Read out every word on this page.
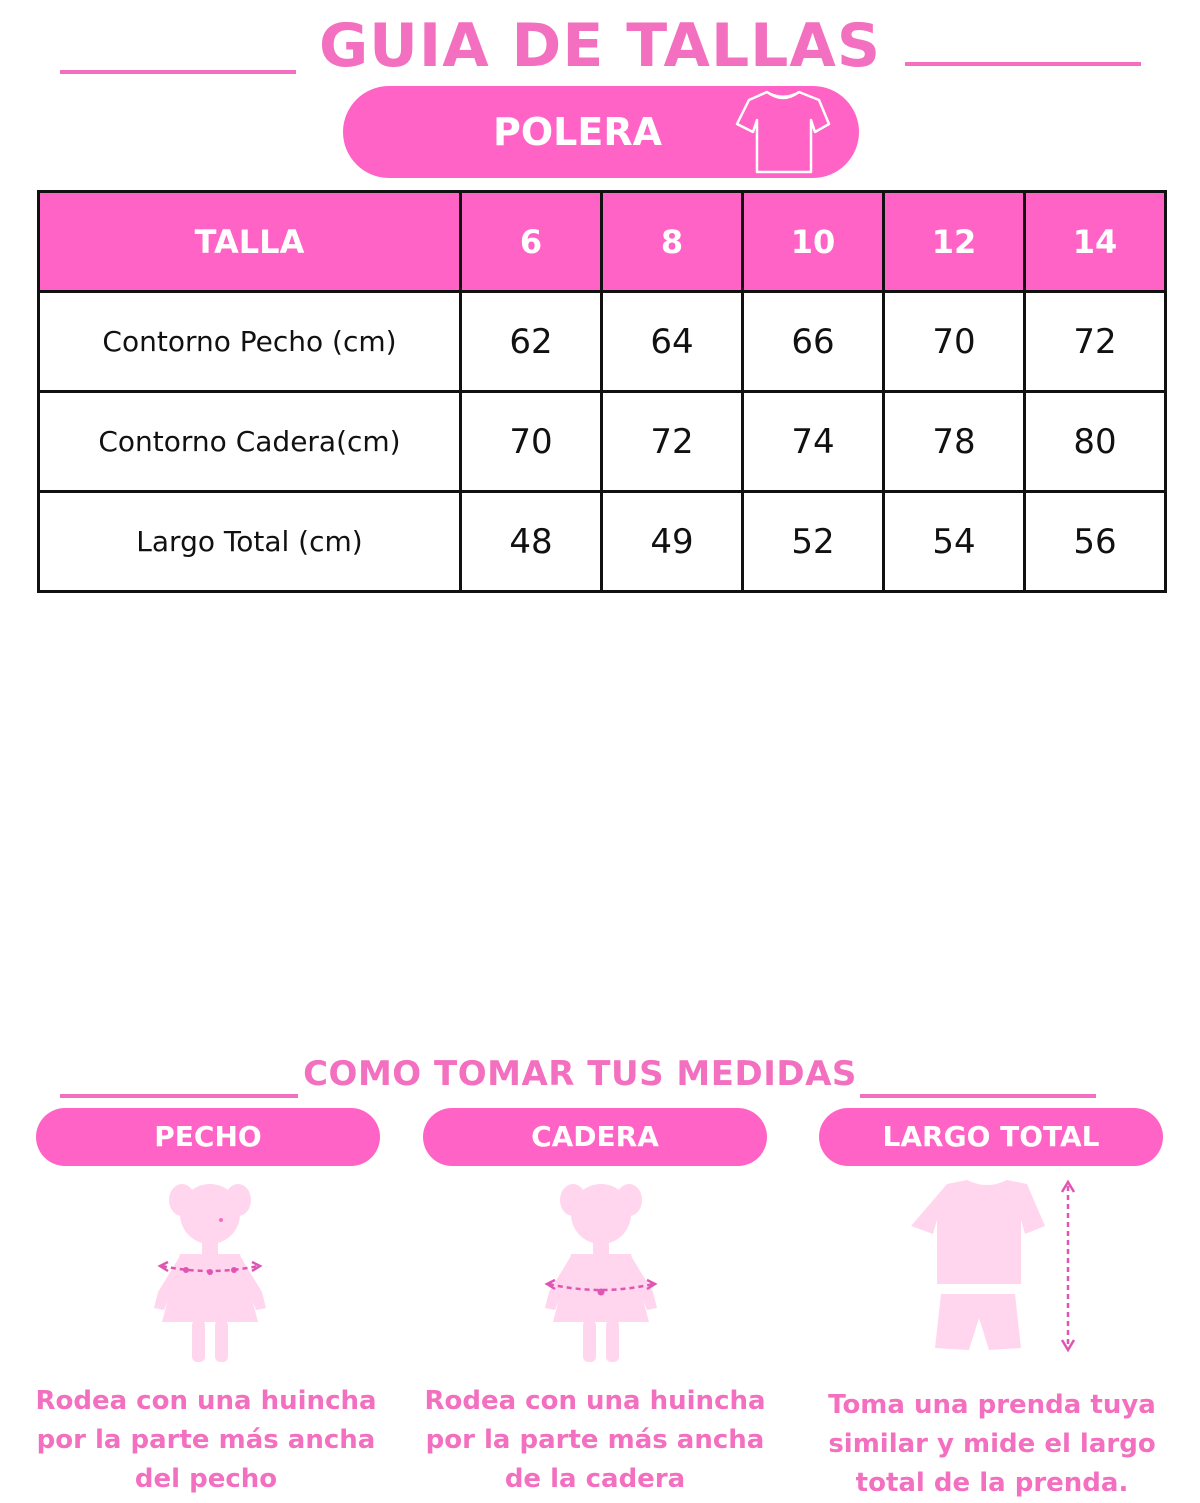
GUIA DE TALLAS
POLERA
TALLA	6	8	10	12	14
Contorno Pecho (cm)	62	64	66	70	72
Contorno Cadera(cm)	70	72	74	78	80
Largo Total (cm)	48	49	52	54	56
COMO TOMAR TUS MEDIDAS
PECHO	CADERA	LARGO TOTAL
Rodea con una huincha
por la parte más ancha
del pecho
Rodea con una huincha
por la parte más ancha
de la cadera
Toma una prenda tuya
similar y mide el largo
total de la prenda.
